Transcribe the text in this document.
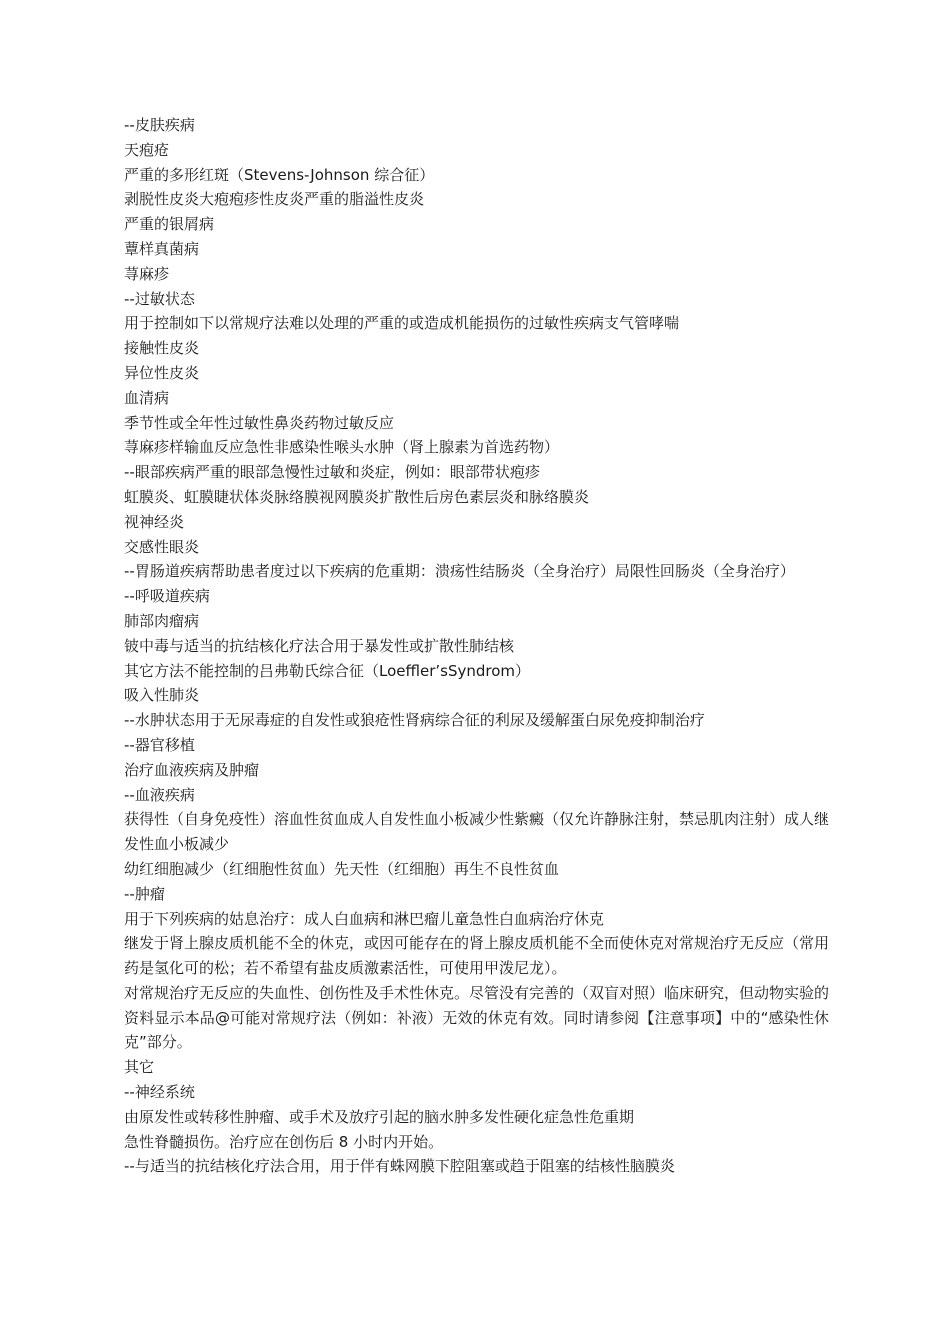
--皮肤疾病
天疱疮
严重的多形红斑（Stevens-Johnson 综合征）
剥脱性皮炎大疱疱疹性皮炎严重的脂溢性皮炎
严重的银屑病
蕈样真菌病
荨麻疹
--过敏状态
用于控制如下以常规疗法难以处理的严重的或造成机能损伤的过敏性疾病支气管哮喘
接触性皮炎
异位性皮炎
血清病
季节性或全年性过敏性鼻炎药物过敏反应
荨麻疹样输血反应急性非感染性喉头水肿（肾上腺素为首选药物）
--眼部疾病严重的眼部急慢性过敏和炎症，例如：眼部带状疱疹
虹膜炎、虹膜睫状体炎脉络膜视网膜炎扩散性后房色素层炎和脉络膜炎
视神经炎
交感性眼炎
--胃肠道疾病帮助患者度过以下疾病的危重期：溃疡性结肠炎（全身治疗）局限性回肠炎（全身治疗）
--呼吸道疾病
肺部肉瘤病
铍中毒与适当的抗结核化疗法合用于暴发性或扩散性肺结核
其它方法不能控制的吕弗勒氏综合征（Loeffler’sSyndrom）
吸入性肺炎
--水肿状态用于无尿毒症的自发性或狼疮性肾病综合征的利尿及缓解蛋白尿免疫抑制治疗
--器官移植
治疗血液疾病及肿瘤
--血液疾病
获得性（自身免疫性）溶血性贫血成人自发性血小板减少性紫癜（仅允许静脉注射，禁忌肌肉注射）成人继发性血小板减少
幼红细胞减少（红细胞性贫血）先天性（红细胞）再生不良性贫血
--肿瘤
用于下列疾病的姑息治疗：成人白血病和淋巴瘤儿童急性白血病治疗休克
继发于肾上腺皮质机能不全的休克，或因可能存在的肾上腺皮质机能不全而使休克对常规治疗无反应（常用药是氢化可的松；若不希望有盐皮质激素活性，可使用甲泼尼龙）。
对常规治疗无反应的失血性、创伤性及手术性休克。尽管没有完善的（双盲对照）临床研究，但动物实验的资料显示本品@可能对常规疗法（例如：补液）无效的休克有效。同时请参阅【注意事项】中的“感染性休克”部分。
其它
--神经系统
由原发性或转移性肿瘤、或手术及放疗引起的脑水肿多发性硬化症急性危重期
急性脊髓损伤。治疗应在创伤后 8 小时内开始。
--与适当的抗结核化疗法合用，用于伴有蛛网膜下腔阻塞或趋于阻塞的结核性脑膜炎
